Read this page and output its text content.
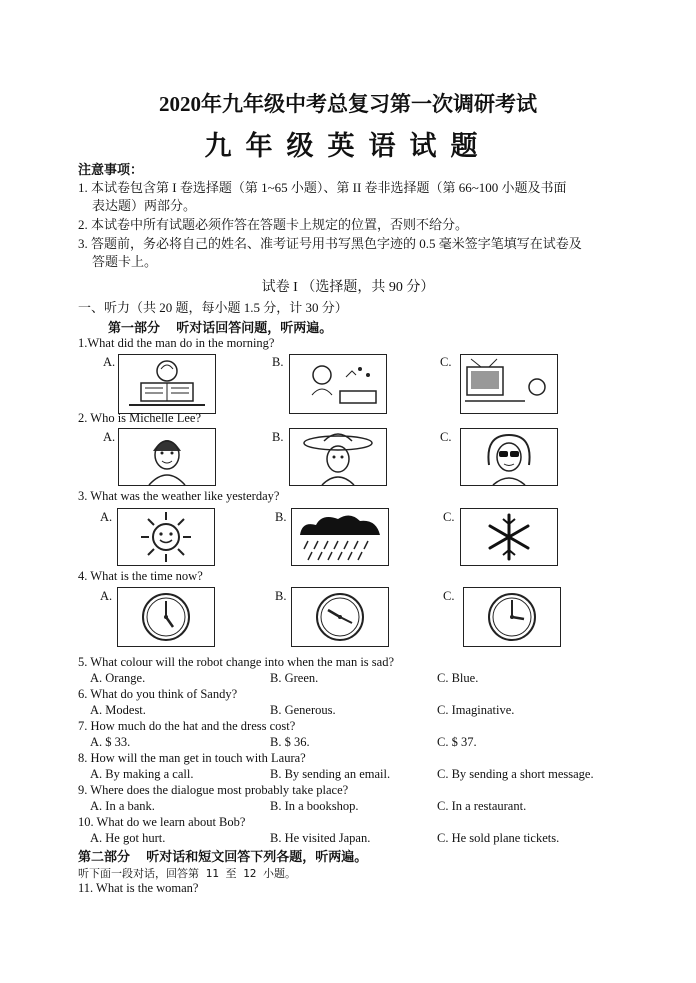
2020年九年级中考总复习第一次调研考试
九年级英语试题
注意事项：
1. 本试卷包含第 I 卷选择题（第 1~65 小题）、第 II 卷非选择题（第 66~100 小题及书面
表达题）两部分。
2. 本试卷中所有试题必须作答在答题卡上规定的位置，否则不给分。
3. 答题前，务必将自己的姓名、准考证号用书写黑色字迹的 0.5 毫米签字笔填写在试卷及
答题卡上。
试卷 I （选择题，共 90 分）
一、听力（共 20 题，每小题 1.5 分，计 30 分）
第一部分　 听对话回答问题，听两遍。
1.What did the man do in the morning?
A.	B.	C.
2. Who is Michelle Lee?
A.	B.	C.
3. What was the weather like yesterday?
A.	B.	C.
4. What is the time now?
A.	B.	C.
5. What colour will the robot change into when the man is sad?
A. Orange.	B. Green.	C. Blue.
6. What do you think of Sandy?
A. Modest.	B. Generous.	C. Imaginative.
7. How much do the hat and the dress cost?
A. $ 33.	B. $ 36.	C. $ 37.
8. How will the man get in touch with Laura?
A. By making a call.	B. By sending an email.	C. By sending a short message.
9. Where does the dialogue most probably take place?
A. In a bank.	B. In a bookshop.	C. In a restaurant.
10. What do we learn about Bob?
A. He got hurt.	B. He visited Japan.	C. He sold plane tickets.
第二部分　 听对话和短文回答下列各题，听两遍。
听下面一段对话，回答第 11 至 12 小题。
11. What is the woman?
